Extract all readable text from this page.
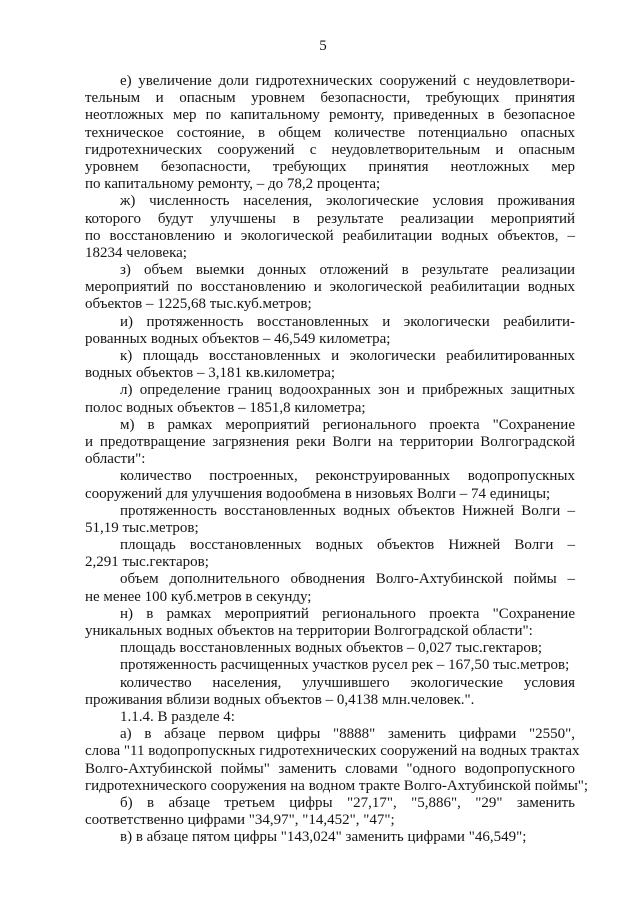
5
е) увеличение доли гидротехнических сооружений с неудовлетвори-
тельным и опасным уровнем безопасности, требующих принятия
неотложных мер по капитальному ремонту, приведенных в безопасное
техническое состояние, в общем количестве потенциально опасных
гидротехнических сооружений с неудовлетворительным и опасным
уровнем безопасности, требующих принятия неотложных мер
по капитальному ремонту, – до 78,2 процента;
ж) численность населения, экологические условия проживания
которого будут улучшены в результате реализации мероприятий
по восстановлению и экологической реабилитации водных объектов, –
18234 человека;
з) объем выемки донных отложений в результате реализации
мероприятий по восстановлению и экологической реабилитации водных
объектов – 1225,68 тыс.куб.метров;
и) протяженность восстановленных и экологически реабилити-
рованных водных объектов – 46,549 километра;
к) площадь восстановленных и экологически реабилитированных
водных объектов – 3,181 кв.километра;
л) определение границ водоохранных зон и прибрежных защитных
полос водных объектов – 1851,8 километра;
м) в рамках мероприятий регионального проекта "Сохранение
и предотвращение загрязнения реки Волги на территории Волгоградской
области":
количество построенных, реконструированных водопропускных
сооружений для улучшения водообмена в низовьях Волги – 74 единицы;
протяженность восстановленных водных объектов Нижней Волги –
51,19 тыс.метров;
площадь восстановленных водных объектов Нижней Волги –
2,291 тыс.гектаров;
объем дополнительного обводнения Волго-Ахтубинской поймы –
не менее 100 куб.метров в секунду;
н) в рамках мероприятий регионального проекта "Сохранение
уникальных водных объектов на территории Волгоградской области":
площадь восстановленных водных объектов – 0,027 тыс.гектаров;
протяженность расчищенных участков русел рек – 167,50 тыс.метров;
количество населения, улучшившего экологические условия
проживания вблизи водных объектов – 0,4138 млн.человек.".
1.1.4. В разделе 4:
а) в абзаце первом цифры "8888" заменить цифрами "2550",
слова "11 водопропускных гидротехнических сооружений на водных трактах
Волго-Ахтубинской поймы" заменить словами "одного водопропускного
гидротехнического сооружения на водном тракте Волго-Ахтубинской поймы";
б) в абзаце третьем цифры "27,17", "5,886", "29" заменить
соответственно цифрами "34,97", "14,452", "47";
в) в абзаце пятом цифры "143,024" заменить цифрами "46,549";
